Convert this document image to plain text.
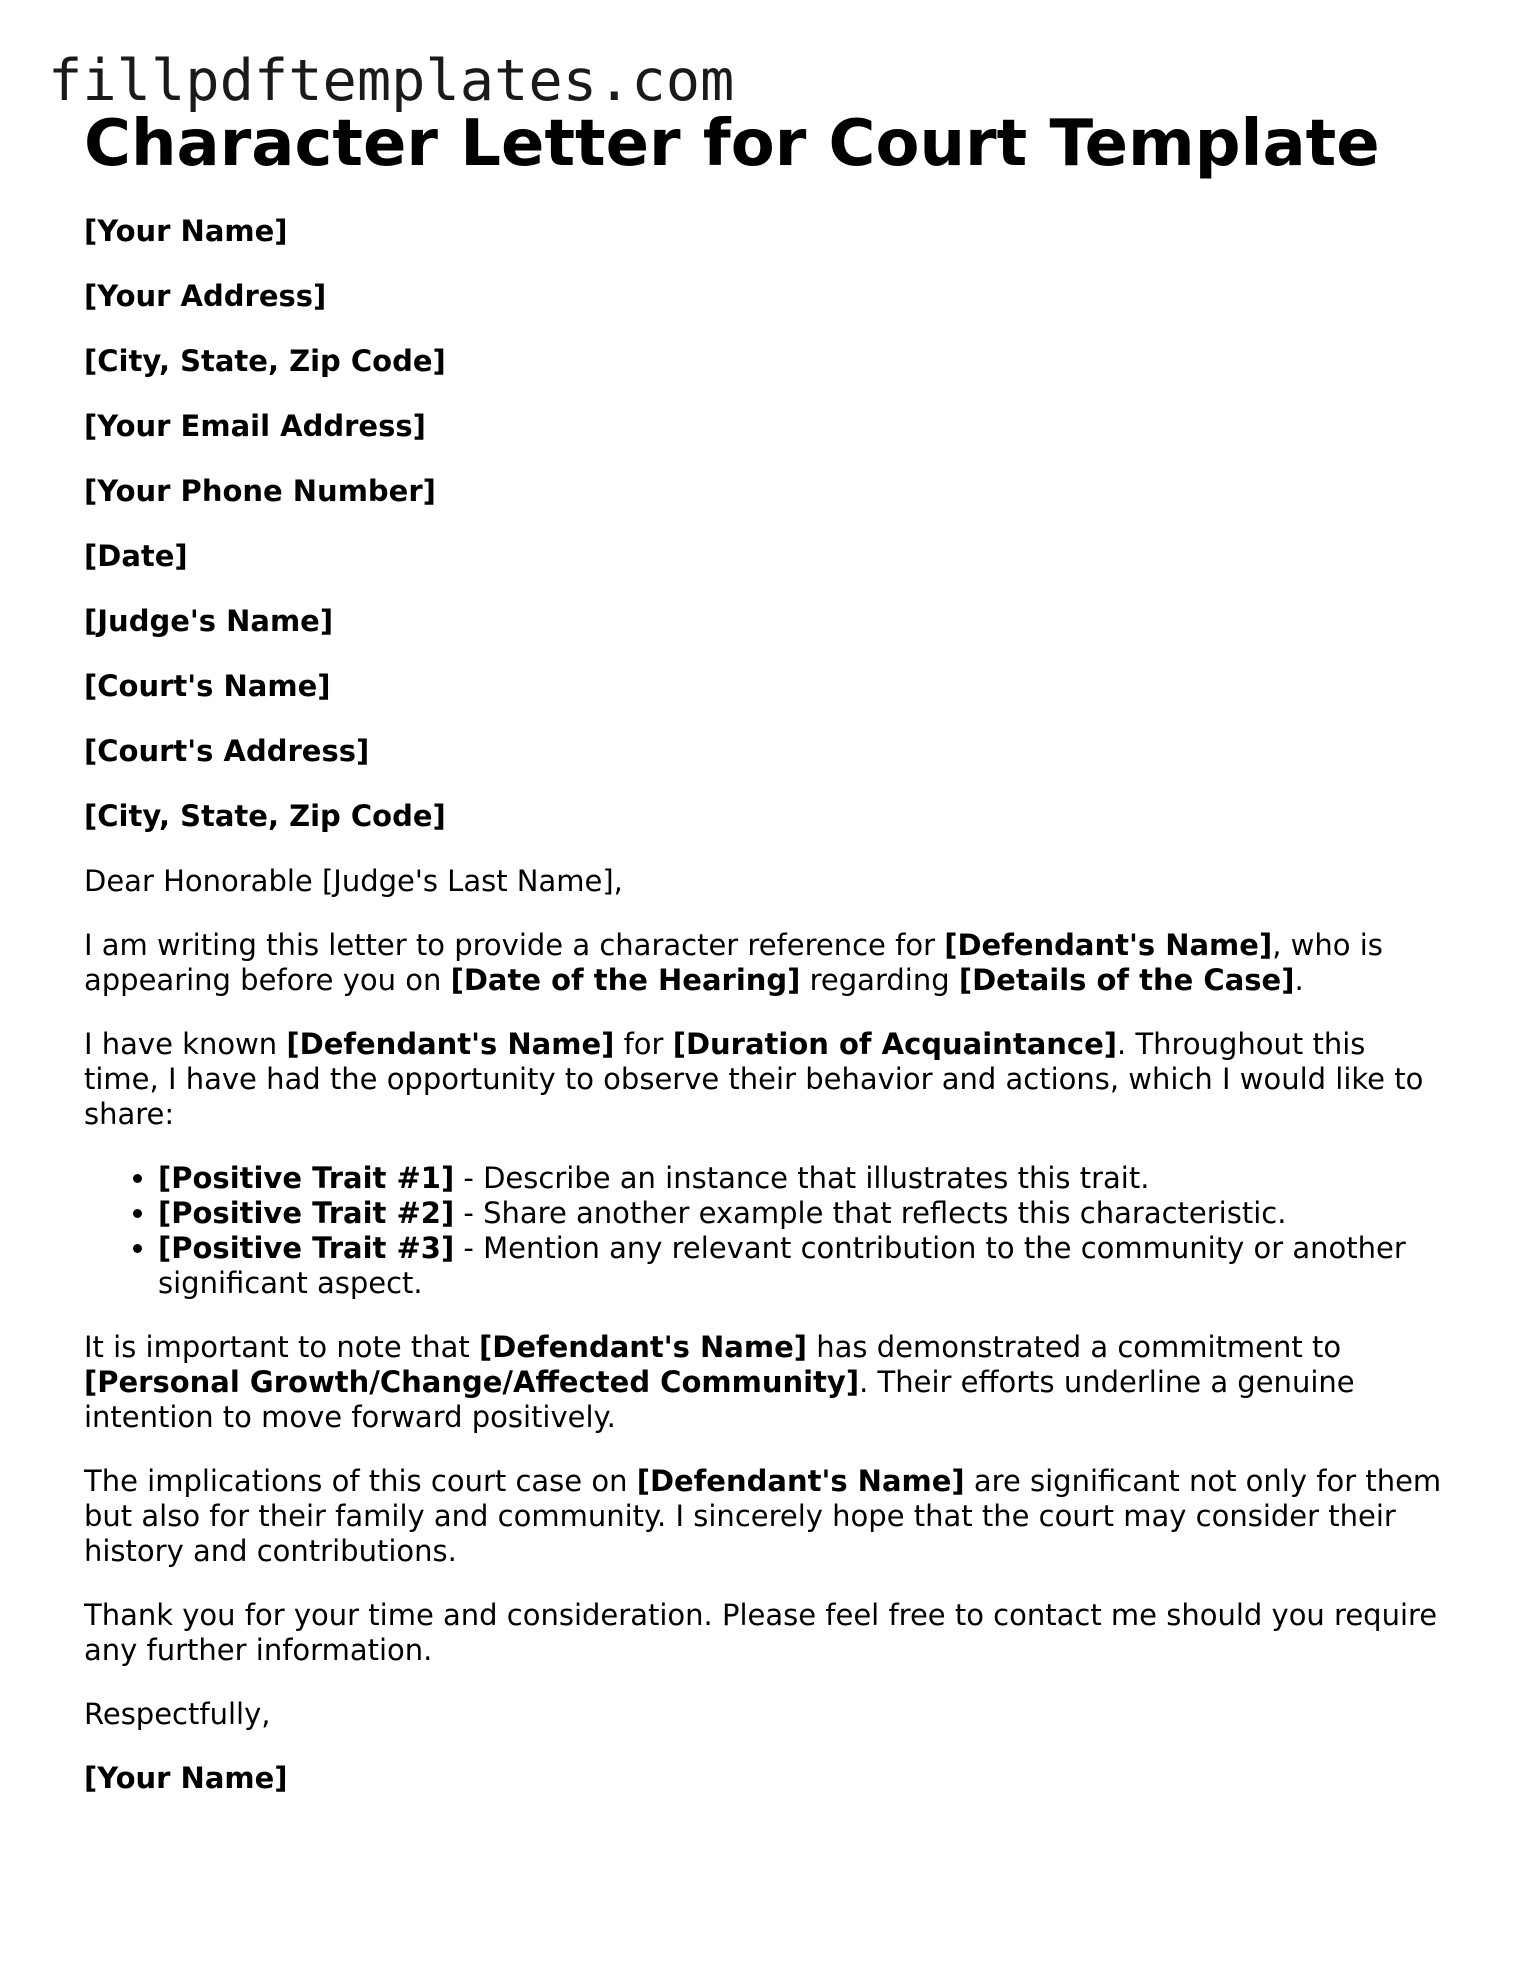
fillpdftemplates.com
Character Letter for Court Template
[Your Name]
[Your Address]
[City, State, Zip Code]
[Your Email Address]
[Your Phone Number]
[Date]
[Judge's Name]
[Court's Name]
[Court's Address]
[City, State, Zip Code]

Dear Honorable [Judge's Last Name],

I am writing this letter to provide a character reference for [Defendant's Name], who is appearing before you on [Date of the Hearing] regarding [Details of the Case].

I have known [Defendant's Name] for [Duration of Acquaintance]. Throughout this time, I have had the opportunity to observe their behavior and actions, which I would like to share:

• [Positive Trait #1] - Describe an instance that illustrates this trait.
• [Positive Trait #2] - Share another example that reflects this characteristic.
• [Positive Trait #3] - Mention any relevant contribution to the community or another significant aspect.

It is important to note that [Defendant's Name] has demonstrated a commitment to [Personal Growth/Change/Affected Community]. Their efforts underline a genuine intention to move forward positively.

The implications of this court case on [Defendant's Name] are significant not only for them but also for their family and community. I sincerely hope that the court may consider their history and contributions.

Thank you for your time and consideration. Please feel free to contact me should you require any further information.

Respectfully,

[Your Name]
